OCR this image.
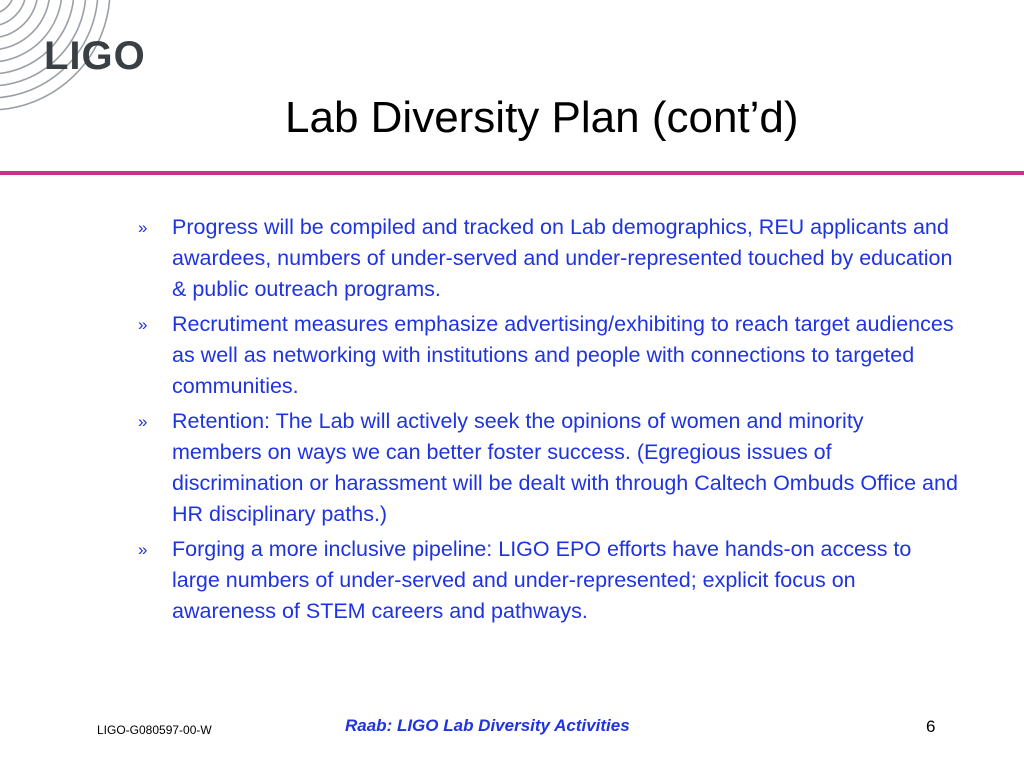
LIGO
Lab Diversity Plan (cont’d)
» Progress will be compiled and tracked on Lab demographics, REU applicants and awardees, numbers of under-served and under-represented touched by education & public outreach programs.
» Recrutiment measures emphasize advertising/exhibiting to reach target audiences as well as networking with institutions and people with connections to targeted communities.
» Retention: The Lab will actively seek the opinions of women and minority members on ways we can better foster success. (Egregious issues of discrimination or harassment will be dealt with through Caltech Ombuds Office and HR disciplinary paths.)
» Forging a more inclusive pipeline: LIGO EPO efforts have hands-on access to large numbers of under-served and under-represented; explicit focus on awareness of STEM careers and pathways.
LIGO-G080597-00-W	Raab: LIGO Lab Diversity Activities	6
